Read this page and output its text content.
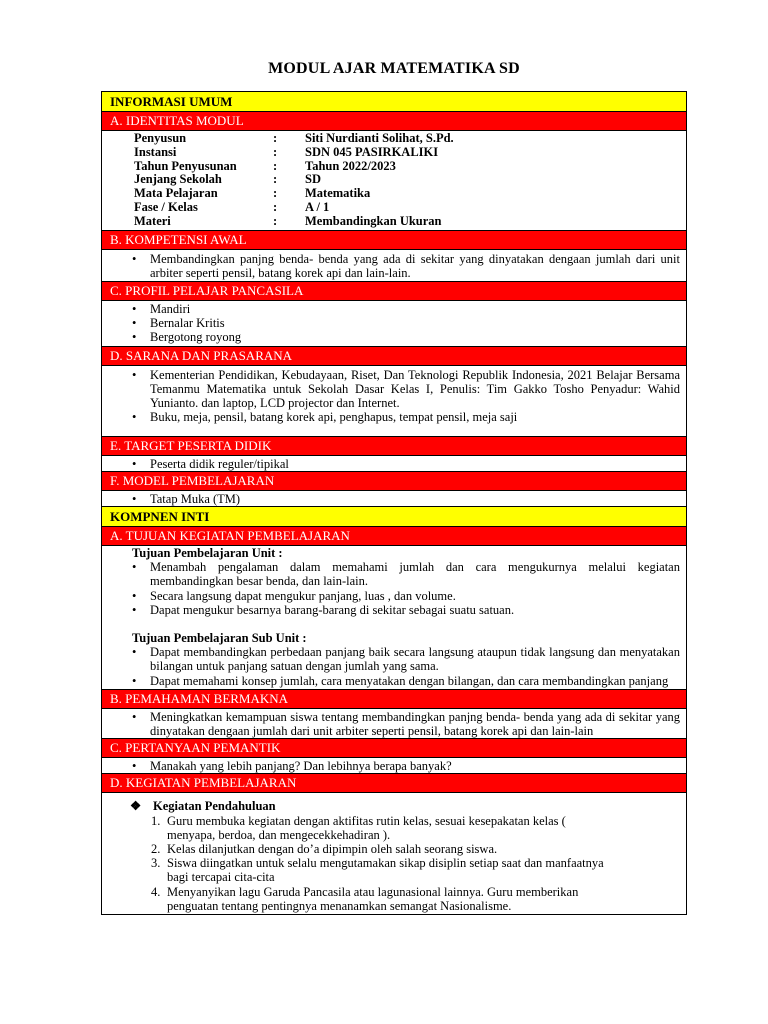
MODUL AJAR MATEMATIKA SD
INFORMASI UMUM
A. IDENTITAS MODUL
Penyusun	:	Siti Nurdianti Solihat, S.Pd.
Instansi	:	SDN 045 PASIRKALIKI
Tahun Penyusunan	:	Tahun 2022/2023
Jenjang Sekolah	:	SD
Mata Pelajaran	:	Matematika
Fase / Kelas	:	A / 1
Materi	:	Membandingkan Ukuran
B. KOMPETENSI AWAL
• Membandingkan panjng benda- benda yang ada di sekitar yang dinyatakan dengaan jumlah dari unit arbiter seperti pensil, batang korek api dan lain-lain.
C. PROFIL PELAJAR PANCASILA
• Mandiri
• Bernalar Kritis
• Bergotong royong
D. SARANA DAN PRASARANA
• Kementerian Pendidikan, Kebudayaan, Riset, Dan Teknologi Republik Indonesia, 2021 Belajar Bersama Temanmu Matematika untuk Sekolah Dasar Kelas I, Penulis: Tim Gakko Tosho Penyadur: Wahid Yunianto. dan laptop, LCD projector dan Internet.
• Buku, meja, pensil, batang korek api, penghapus, tempat pensil, meja saji
E. TARGET PESERTA DIDIK
• Peserta didik reguler/tipikal
F. MODEL PEMBELAJARAN
• Tatap Muka (TM)
KOMPNEN INTI
A. TUJUAN KEGIATAN PEMBELAJARAN
Tujuan Pembelajaran Unit :
• Menambah pengalaman dalam memahami jumlah dan cara mengukurnya melalui kegiatan membandingkan besar benda, dan lain-lain.
• Secara langsung dapat mengukur panjang, luas , dan volume.
• Dapat mengukur besarnya barang-barang di sekitar sebagai suatu satuan.
Tujuan Pembelajaran Sub Unit :
• Dapat membandingkan perbedaan panjang baik secara langsung ataupun tidak langsung dan menyatakan bilangan untuk panjang satuan dengan jumlah yang sama.
• Dapat memahami konsep jumlah, cara menyatakan dengan bilangan, dan cara membandingkan panjang
B. PEMAHAMAN BERMAKNA
• Meningkatkan kemampuan siswa tentang membandingkan panjng benda- benda yang ada di sekitar yang dinyatakan dengaan jumlah dari unit arbiter seperti pensil, batang korek api dan lain-lain
C. PERTANYAAN PEMANTIK
• Manakah yang lebih panjang? Dan lebihnya berapa banyak?
D. KEGIATAN PEMBELAJARAN
❖ Kegiatan Pendahuluan
1. Guru membuka kegiatan dengan aktifitas rutin kelas, sesuai kesepakatan kelas ( menyapa, berdoa, dan mengecekkehadiran ).
2. Kelas dilanjutkan dengan do’a dipimpin oleh salah seorang siswa.
3. Siswa diingatkan untuk selalu mengutamakan sikap disiplin setiap saat dan manfaatnya bagi tercapai cita-cita
4. Menyanyikan lagu Garuda Pancasila atau lagunasional lainnya. Guru memberikan penguatan tentang pentingnya menanamkan semangat Nasionalisme.
